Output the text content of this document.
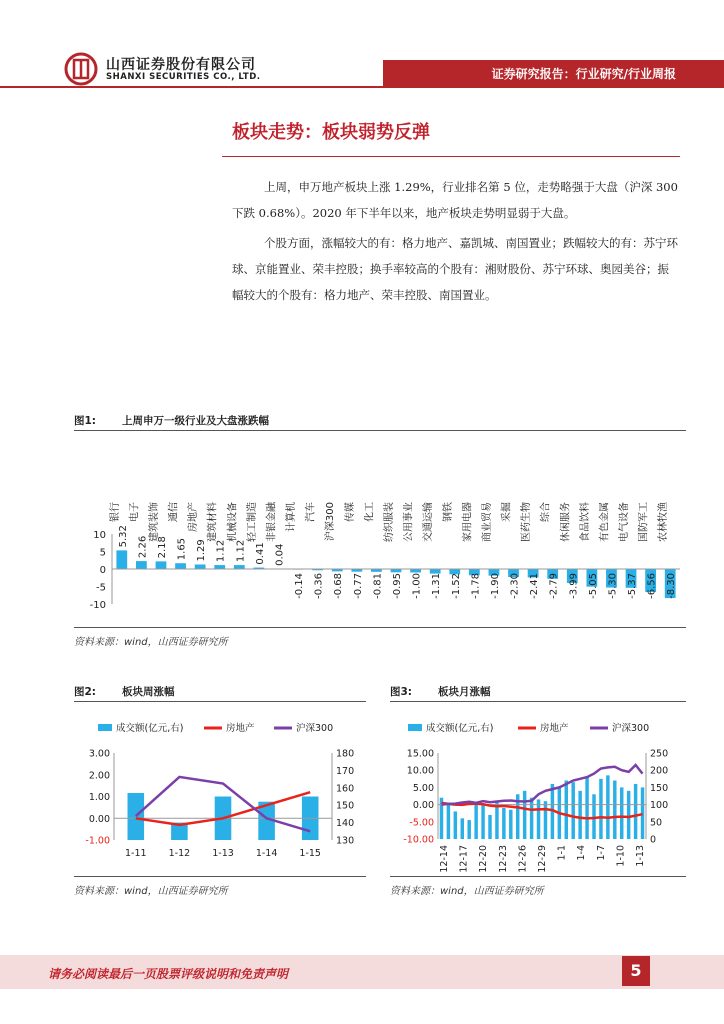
山西证券股份有限公司
SHANXI SECURITIES CO., LTD.	证券研究报告：行业研究/行业周报
板块走势：板块弱势反弹
上周，申万地产板块上涨 1.29%，行业排名第 5 位，走势略强于大盘（沪深 300 下跌 0.68%）。2020 年下半年以来，地产板块走势明显弱于大盘。
个股方面，涨幅较大的有：格力地产、嘉凯城、南国置业；跌幅较大的有：苏宁环球、京能置业、荣丰控股；换手率较高的个股有：湘财股份、苏宁环球、奥园美谷；振幅较大的个股有：格力地产、荣丰控股、南国置业。
图1: 上周申万一级行业及大盘涨跌幅
10
5
0
-5
-10
银行
5.32
电子
2.26
建筑装饰
2.18
通信
1.65
房地产
1.29
建筑材料
1.12
机械设备
1.12
轻工制造
0.41
非银金融
0.04
计算机
-0.14
汽车
-0.36
沪深300
-0.68
传媒
-0.77
化工
-0.81
纺织服装
-0.95
公用事业
-1.00
交通运输
-1.31
钢铁
-1.52
家用电器
-1.78
商业贸易
-1.90
采掘
-2.30
医药生物
-2.41
综合
-2.79
休闲服务
-3.99
食品饮料
-5.05
有色金属
-5.30
电气设备
-5.37
国防军工
-6.56
农林牧渔
-8.30
资料来源：wind，山西证券研究所
图2: 板块周涨幅
成交额(亿元,右)	房地产	沪深300
3.00
2.00
1.00
0.00
-1.00
180
170
160
150
140
130
1-11 1-12 1-13 1-14 1-15
资料来源：wind，山西证券研究所
图3: 板块月涨幅
成交额(亿元,右)	房地产	沪深300
15.00
10.00
5.00
0.00
-5.00
-10.00
250
200
150
100
50
0
12-14 12-17 12-20 12-23 12-26 12-29 1-1 1-4 1-7 1-10 1-13
资料来源：wind，山西证券研究所
请务必阅读最后一页股票评级说明和免责声明	5
